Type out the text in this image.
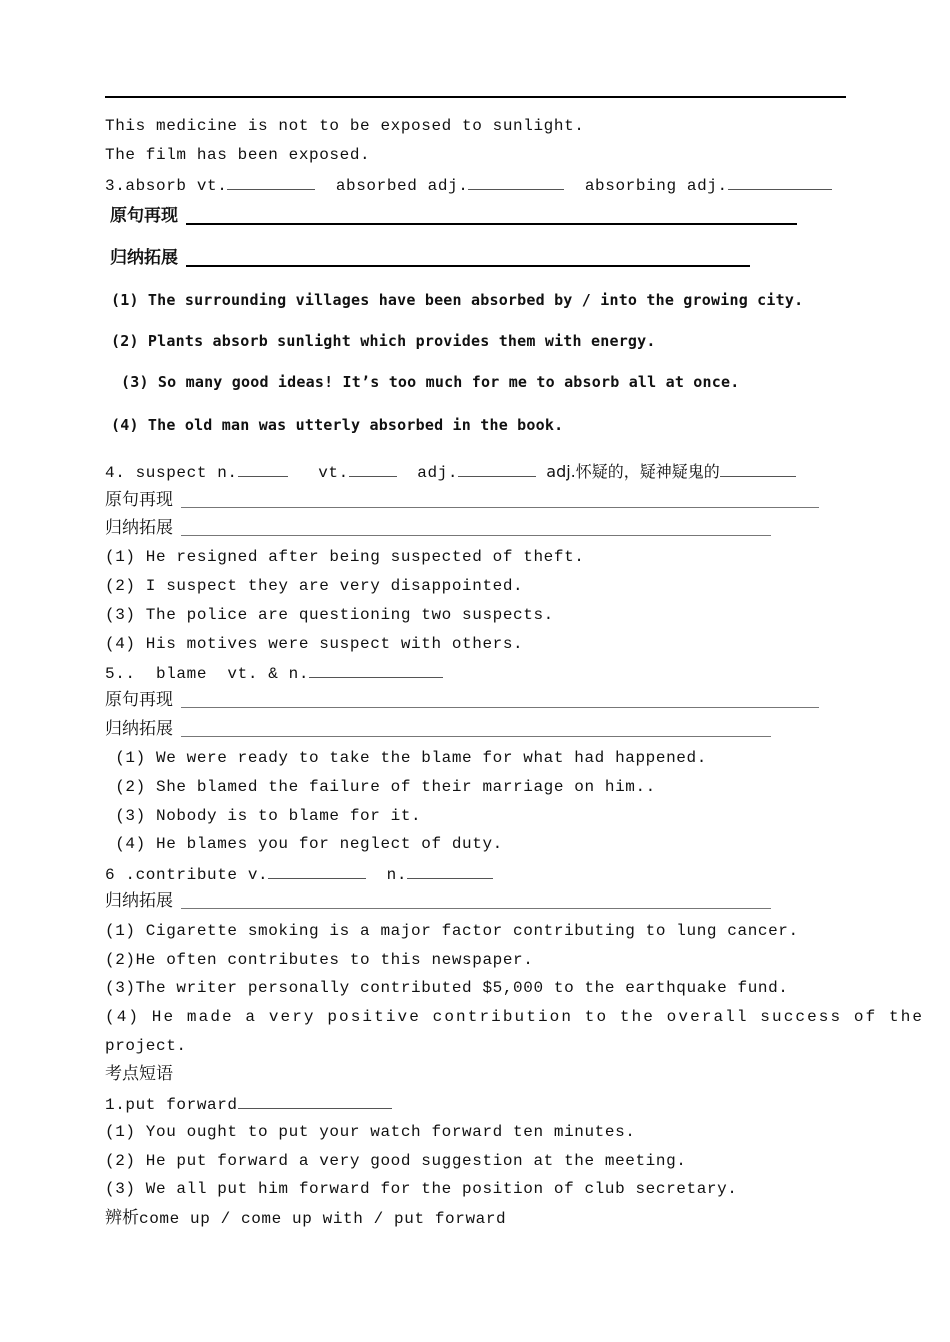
This medicine is not to be exposed to sunlight.
The film has been exposed.
3.absorb vt.	absorbed adj.	absorbing adj.
原句再现
归纳拓展
(1) The surrounding villages have been absorbed by / into the growing city.
(2) Plants absorb sunlight which provides them with energy.
(3) So many good ideas! It’s too much for me to absorb all at once.
(4) The old man was utterly absorbed in the book.
4. suspect n.	vt.	adj.	adj.怀疑的，疑神疑鬼的
原句再现
归纳拓展
(1) He resigned after being suspected of theft.
(2) I suspect they are very disappointed.
(3) The police are questioning two suspects.
(4) His motives were suspect with others.
5..  blame  vt. & n.
原句再现
归纳拓展
(1) We were ready to take the blame for what had happened.
(2) She blamed the failure of their marriage on him..
(3) Nobody is to blame for it.
(4) He blames you for neglect of duty.
6 .contribute v.	n.
归纳拓展
(1) Cigarette smoking is a major factor contributing to lung cancer.
(2)He often contributes to this newspaper.
(3)The writer personally contributed $5,000 to the earthquake fund.
(4) He made a very positive contribution to the overall success of the
project.
考点短语
1.put forward
(1) You ought to put your watch forward ten minutes.
(2) He put forward a very good suggestion at the meeting.
(3) We all put him forward for the position of club secretary.
辨析come up / come up with / put forward
